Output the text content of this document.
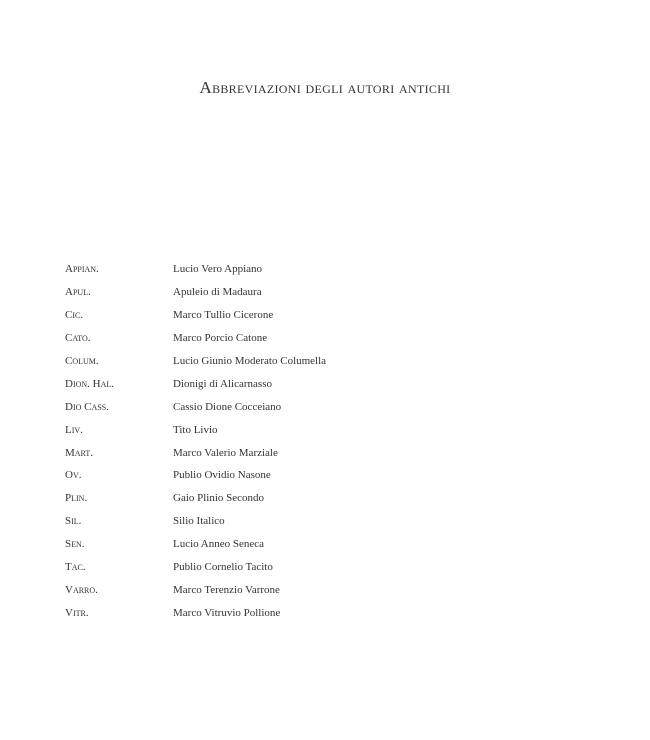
Abbreviazioni degli autori antichi
Appian.	Lucio Vero Appiano
Apul.	Apuleio di Madaura
Cic.	Marco Tullio Cicerone
Cato.	Marco Porcio Catone
Colum.	Lucio Giunio Moderato Columella
Dion. Hal.	Dionigi di Alicarnasso
Dio Cass.	Cassio Dione Cocceiano
Liv.	Tito Livio
Mart.	Marco Valerio Marziale
Ov.	Publio Ovidio Nasone
Plin.	Gaio Plinio Secondo
Sil.	Silio Italico
Sen.	Lucio Anneo Seneca
Tac.	Publio Cornelio Tacito
Varro.	Marco Terenzio Varrone
Vitr.	Marco Vitruvio Pollione
